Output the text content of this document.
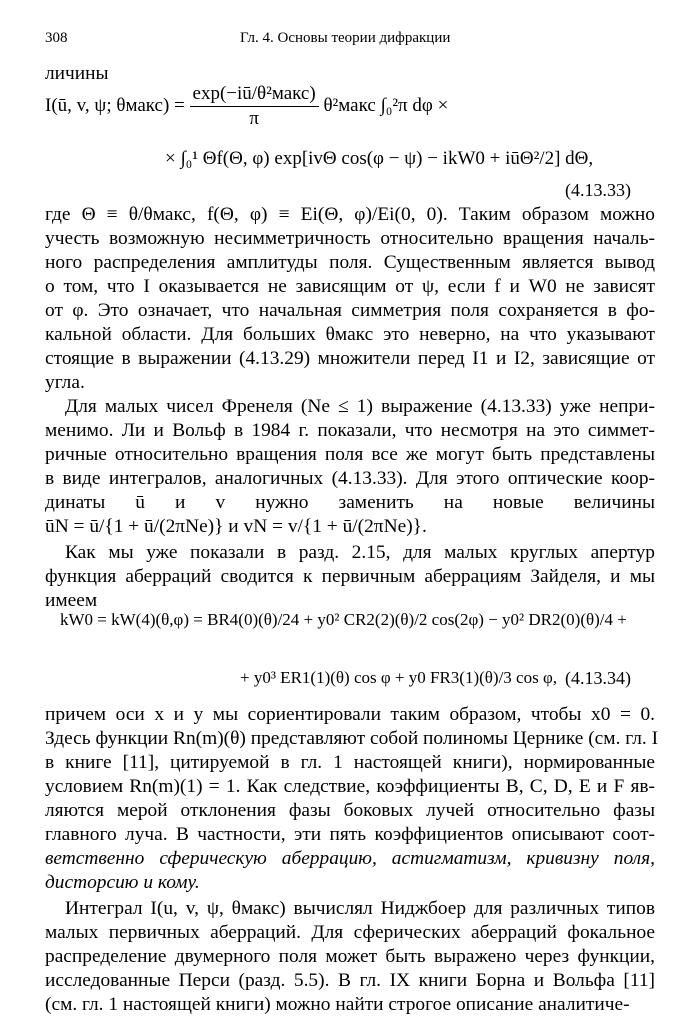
308	Гл. 4. Основы теории дифракции
личины
I(ū, v, ψ; θмакс) = $\frac{\text{exp(−iū/θ²макс)}}{\pi}$ θ²макс ∫₀²π dφ ×
× ∫₀¹ Θf(Θ, φ) exp[ivΘ cos(φ − ψ) − ikW0 + iūΘ²/2] dΘ,
(4.13.33)
где Θ ≡ θ/θмакс, f(Θ, φ) ≡ Ei(Θ, φ)/Ei(0, 0). Таким образом можно
учесть возможную несимметричность относительно вращения началь-
ного распределения амплитуды поля. Существенным является вывод
о том, что I оказывается не зависящим от ψ, если f и W0 не зависят
от φ. Это означает, что начальная симметрия поля сохраняется в фо-
кальной области. Для больших θмакс это неверно, на что указывают
стоящие в выражении (4.13.29) множители перед I1 и I2, зависящие от
угла.
Для малых чисел Френеля (Ne ≤ 1) выражение (4.13.33) уже непри-
менимо. Ли и Вольф в 1984 г. показали, что несмотря на это симмет-
ричные относительно вращения поля все же могут быть представлены
в виде интегралов, аналогичных (4.13.33). Для этого оптические коор-
динаты ū и v нужно заменить на новые величины
ūN = ū/{1 + ū/(2πNe)} и vN = v/{1 + ū/(2πNe)}.
Как мы уже показали в разд. 2.15, для малых круглых апертур
функция аберраций сводится к первичным аберрациям Зайделя, и мы
имеем
kW0 = kW(4)(θ,φ) = BR4(0)(θ)/24 + y0² CR2(2)(θ)/2 cos(2φ) − y0² DR2(0)(θ)/4 +
+ y0³ ER1(1)(θ) cos φ + y0 FR3(1)(θ)/3 cos φ, (4.13.34)
причем оси x и y мы сориентировали таким образом, чтобы x0 = 0.
Здесь функции Rn(m)(θ) представляют собой полиномы Цернике (см. гл. I
в книге [11], цитируемой в гл. 1 настоящей книги), нормированные
условием Rn(m)(1) = 1. Как следствие, коэффициенты B, C, D, E и F яв-
ляются мерой отклонения фазы боковых лучей относительно фазы
главного луча. В частности, эти пять коэффициентов описывают соот-
ветственно сферическую аберрацию, астигматизм, кривизну поля,
дисторсию и кому.
Интеграл I(u, v, ψ, θмакс) вычислял Ниджбоер для различных типов
малых первичных аберраций. Для сферических аберраций фокальное
распределение двумерного поля может быть выражено через функции,
исследованные Перси (разд. 5.5). В гл. IX книги Борна и Вольфа [11]
(см. гл. 1 настоящей книги) можно найти строгое описание аналитиче-
